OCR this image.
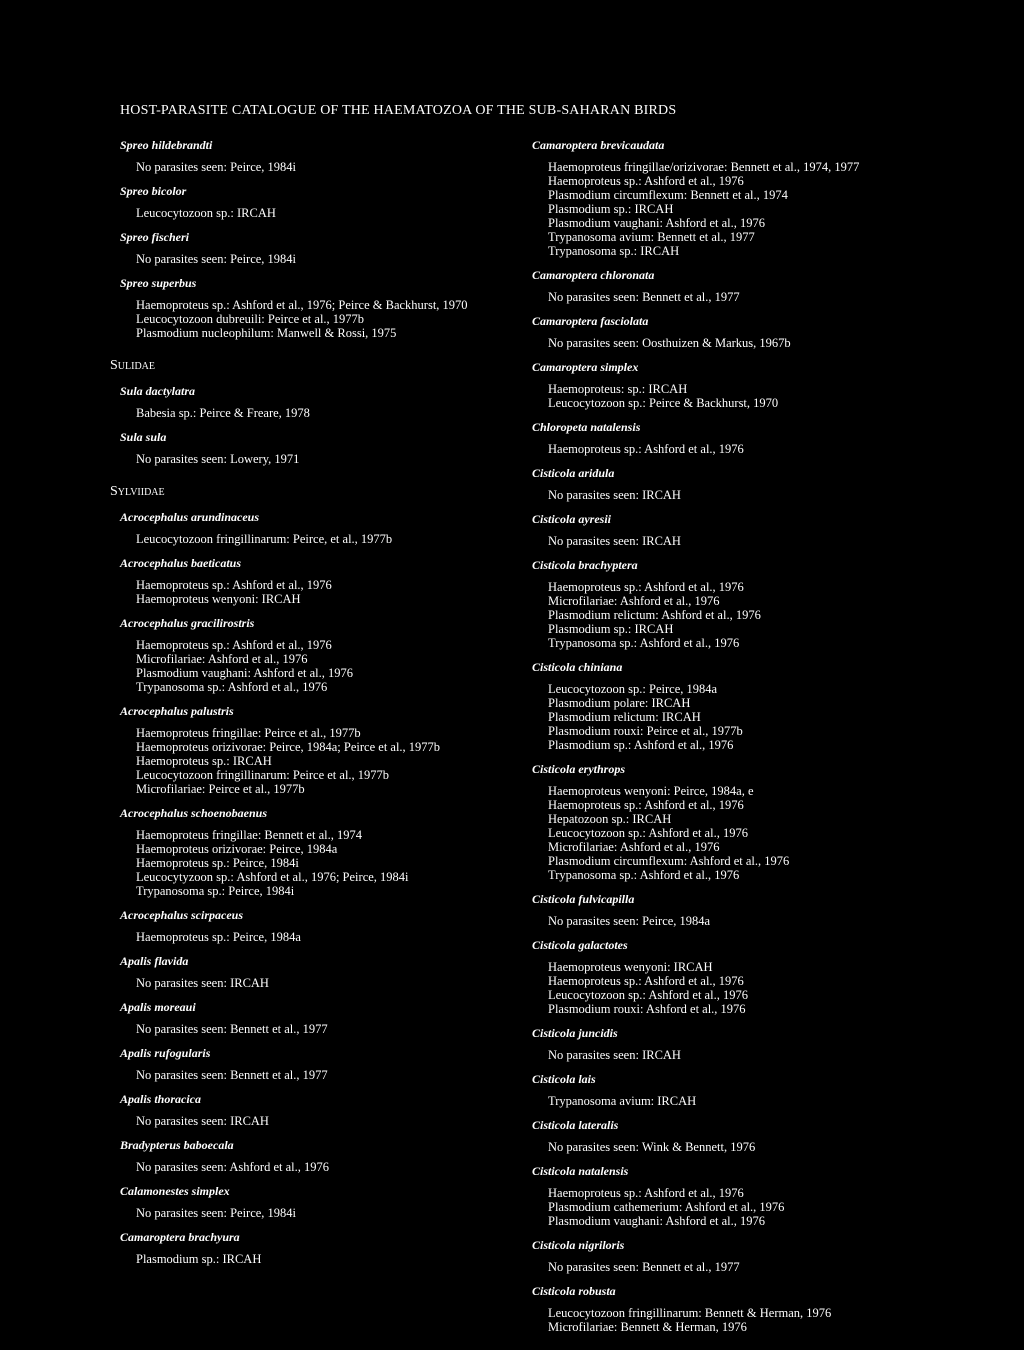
HOST-PARASITE CATALOGUE OF THE HAEMATOZOA OF THE SUB-SAHARAN BIRDS
Spreo hildebrandti
No parasites seen: Peirce, 1984i
Spreo bicolor
Leucocytozoon sp.: IRCAH
Spreo fischeri
No parasites seen: Peirce, 1984i
Spreo superbus
Haemoproteus sp.: Ashford et al., 1976; Peirce & Backhurst, 1970
Leucocytozoon dubreuili: Peirce et al., 1977b
Plasmodium nucleophilum: Manwell & Rossi, 1975
Sulidae
Sula dactylatra
Babesia sp.: Peirce & Freare, 1978
Sula sula
No parasites seen: Lowery, 1971
Sylviidae
Acrocephalus arundinaceus
Leucocytozoon fringillinarum: Peirce, et al., 1977b
Acrocephalus baeticatus
Haemoproteus sp.: Ashford et al., 1976
Haemoproteus wenyoni: IRCAH
Acrocephalus gracilirostris
Haemoproteus sp.: Ashford et al., 1976
Microfilariae: Ashford et al., 1976
Plasmodium vaughani: Ashford et al., 1976
Trypanosoma sp.: Ashford et al., 1976
Acrocephalus palustris
Haemoproteus fringillae: Peirce et al., 1977b
Haemoproteus orizivorae: Peirce, 1984a; Peirce et al., 1977b
Haemoproteus sp.: IRCAH
Leucocytozoon fringillinarum: Peirce et al., 1977b
Microfilariae: Peirce et al., 1977b
Acrocephalus schoenobaenus
Haemoproteus fringillae: Bennett et al., 1974
Haemoproteus orizivorae: Peirce, 1984a
Haemoproteus sp.: Peirce, 1984i
Leucocytyzoon sp.: Ashford et al., 1976; Peirce, 1984i
Trypanosoma sp.: Peirce, 1984i
Acrocephalus scirpaceus
Haemoproteus sp.: Peirce, 1984a
Apalis flavida
No parasites seen: IRCAH
Apalis moreaui
No parasites seen: Bennett et al., 1977
Apalis rufogularis
No parasites seen: Bennett et al., 1977
Apalis thoracica
No parasites seen: IRCAH
Bradypterus baboecala
No parasites seen: Ashford et al., 1976
Calamonestes simplex
No parasites seen: Peirce, 1984i
Camaroptera brachyura
Plasmodium sp.: IRCAH
Camaroptera brevicaudata
Haemoproteus fringillae/orizivorae: Bennett et al., 1974, 1977
Haemoproteus sp.: Ashford et al., 1976
Plasmodium circumflexum: Bennett et al., 1974
Plasmodium sp.: IRCAH
Plasmodium vaughani: Ashford et al., 1976
Trypanosoma avium: Bennett et al., 1977
Trypanosoma sp.: IRCAH
Camaroptera chloronata
No parasites seen: Bennett et al., 1977
Camaroptera fasciolata
No parasites seen: Oosthuizen & Markus, 1967b
Camaroptera simplex
Haemoproteus: sp.: IRCAH
Leucocytozoon sp.: Peirce & Backhurst, 1970
Chloropeta natalensis
Haemoproteus sp.: Ashford et al., 1976
Cisticola aridula
No parasites seen: IRCAH
Cisticola ayresii
No parasites seen: IRCAH
Cisticola brachyptera
Haemoproteus sp.: Ashford et al., 1976
Microfilariae: Ashford et al., 1976
Plasmodium relictum: Ashford et al., 1976
Plasmodium sp.: IRCAH
Trypanosoma sp.: Ashford et al., 1976
Cisticola chiniana
Leucocytozoon sp.: Peirce, 1984a
Plasmodium polare: IRCAH
Plasmodium relictum: IRCAH
Plasmodium rouxi: Peirce et al., 1977b
Plasmodium sp.: Ashford et al., 1976
Cisticola erythrops
Haemoproteus wenyoni: Peirce, 1984a, e
Haemoproteus sp.: Ashford et al., 1976
Hepatozoon sp.: IRCAH
Leucocytozoon sp.: Ashford et al., 1976
Microfilariae: Ashford et al., 1976
Plasmodium circumflexum: Ashford et al., 1976
Trypanosoma sp.: Ashford et al., 1976
Cisticola fulvicapilla
No parasites seen: Peirce, 1984a
Cisticola galactotes
Haemoproteus wenyoni: IRCAH
Haemoproteus sp.: Ashford et al., 1976
Leucocytozoon sp.: Ashford et al., 1976
Plasmodium rouxi: Ashford et al., 1976
Cisticola juncidis
No parasites seen: IRCAH
Cisticola lais
Trypanosoma avium: IRCAH
Cisticola lateralis
No parasites seen: Wink & Bennett, 1976
Cisticola natalensis
Haemoproteus sp.: Ashford et al., 1976
Plasmodium cathemerium: Ashford et al., 1976
Plasmodium vaughani: Ashford et al., 1976
Cisticola nigriloris
No parasites seen: Bennett et al., 1977
Cisticola robusta
Leucocytozoon fringillinarum: Bennett & Herman, 1976
Microfilariae: Bennett & Herman, 1976
